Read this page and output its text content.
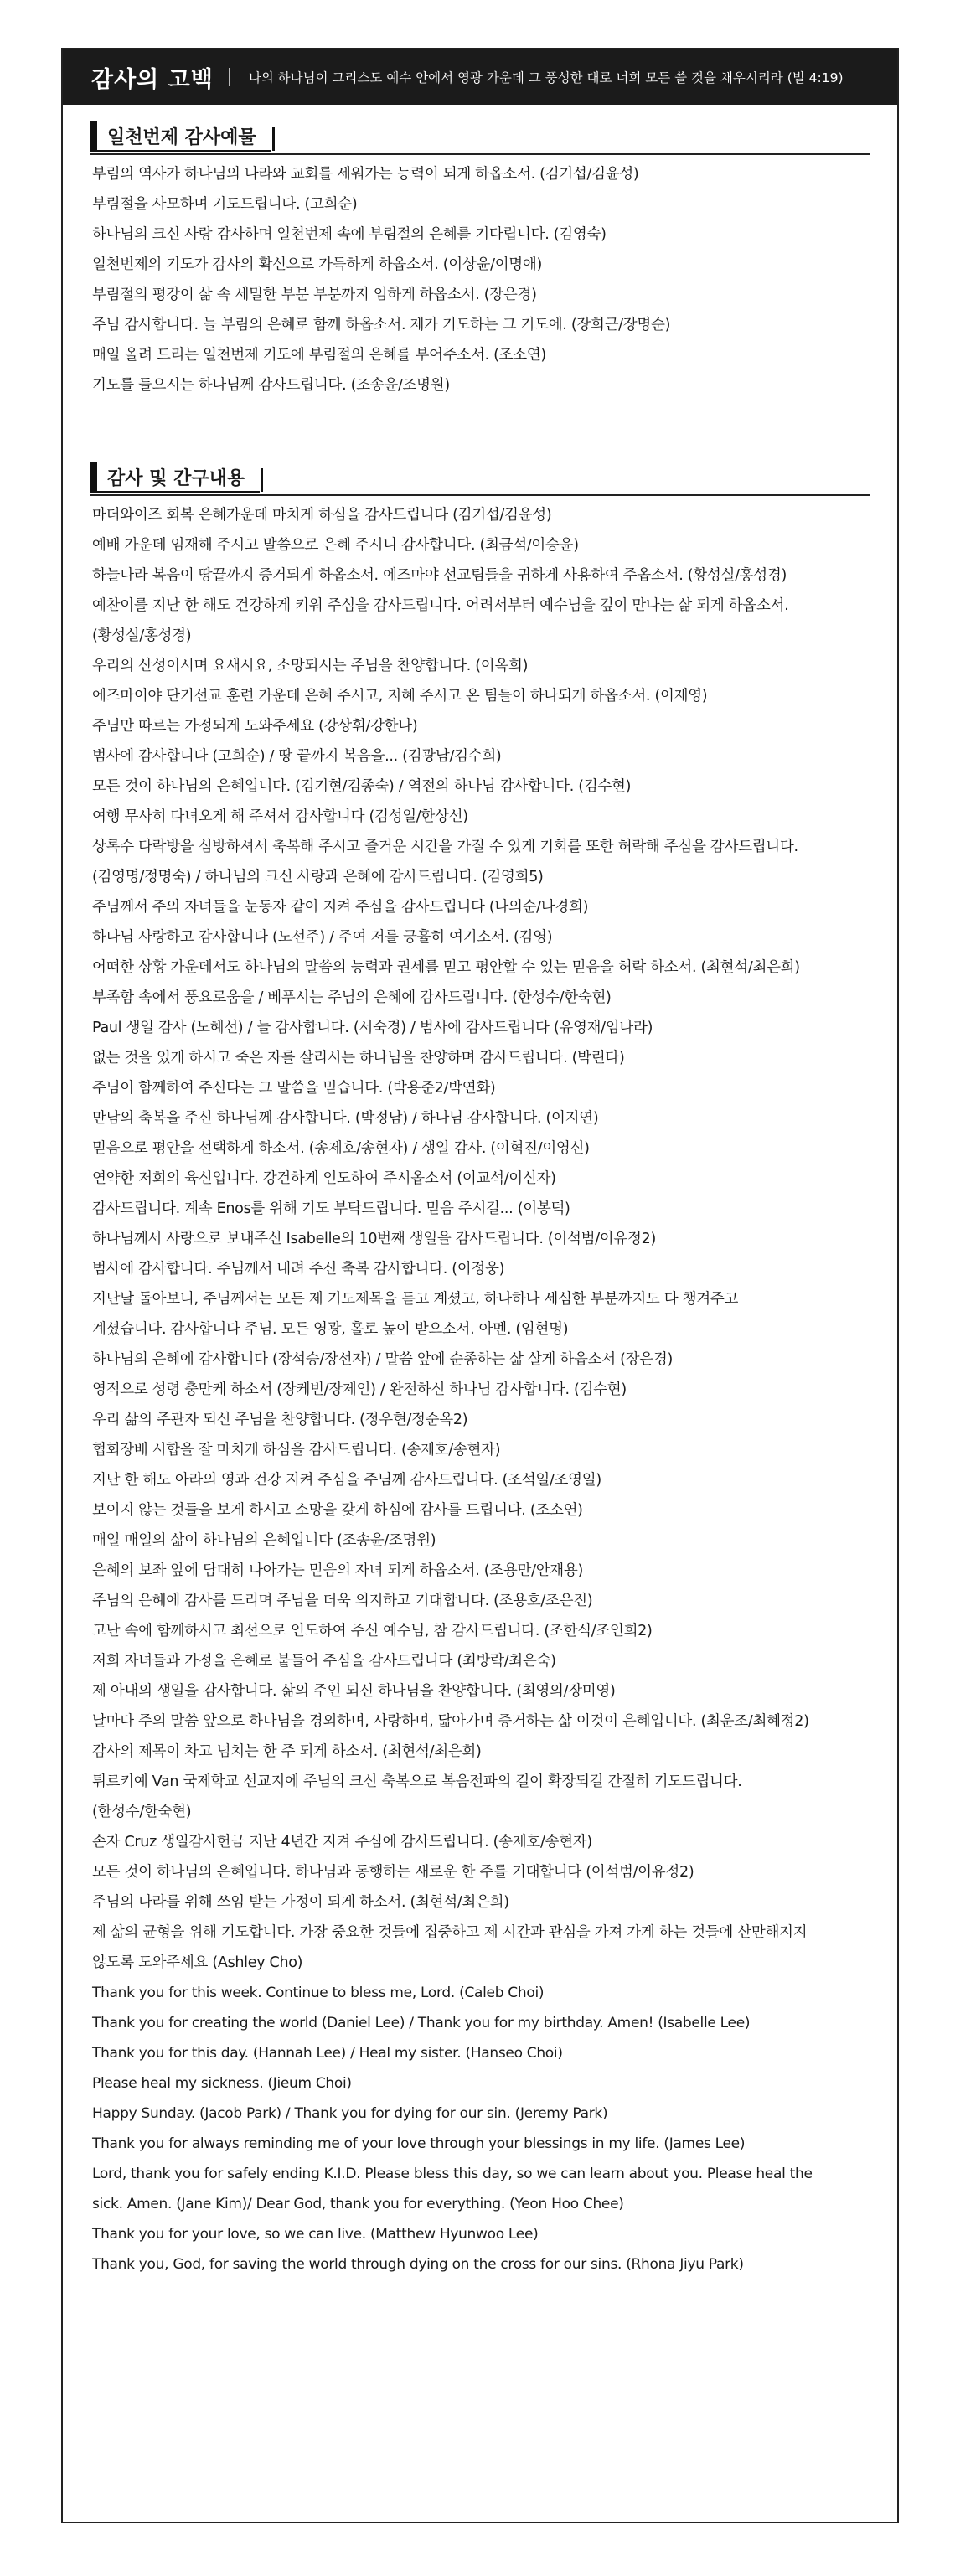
감사의 고백	나의 하나님이 그리스도 예수 안에서 영광 가운데 그 풍성한 대로 너희 모든 쓸 것을 채우시리라 (빌 4:19)
일천번제 감사예물
부림의 역사가 하나님의 나라와 교회를 세워가는 능력이 되게 하옵소서. (김기섭/김윤성)
부림절을 사모하며 기도드립니다. (고희순)
하나님의 크신 사랑 감사하며 일천번제 속에 부림절의 은혜를 기다립니다. (김영숙)
일천번제의 기도가 감사의 확신으로 가득하게 하옵소서. (이상윤/이명애)
부림절의 평강이 삶 속 세밀한 부분 부분까지 임하게 하옵소서. (장은경)
주님 감사합니다. 늘 부림의 은혜로 함께 하옵소서. 제가 기도하는 그 기도에. (장희근/장명순)
매일 올려 드리는 일천번제 기도에 부림절의 은혜를 부어주소서. (조소연)
기도를 들으시는 하나님께 감사드립니다. (조송윤/조명원)
감사 및 간구내용
마더와이즈 회복 은혜가운데 마치게 하심을 감사드립니다 (김기섭/김윤성)
예배 가운데 임재해 주시고 말씀으로 은혜 주시니 감사합니다. (최금석/이승윤)
하늘나라 복음이 땅끝까지 증거되게 하옵소서. 에즈마야 선교팀들을 귀하게 사용하여 주옵소서. (황성실/홍성경)
예찬이를 지난 한 해도 건강하게 키워 주심을 감사드립니다. 어려서부터 예수님을 깊이 만나는 삶 되게 하옵소서.
(황성실/홍성경)
우리의 산성이시며 요새시요, 소망되시는 주님을 찬양합니다. (이옥희)
에즈마이야 단기선교 훈련 가운데 은혜 주시고, 지혜 주시고 온 팀들이 하나되게 하옵소서. (이재영)
주님만 따르는 가정되게 도와주세요 (강상휘/강한나)
범사에 감사합니다 (고희순) / 땅 끝까지 복음을... (김광남/김수희)
모든 것이 하나님의 은혜입니다. (김기현/김종숙) / 역전의 하나님 감사합니다. (김수현)
여행 무사히 다녀오게 해 주셔서 감사합니다 (김성일/한상선)
상록수 다락방을 심방하셔서 축복해 주시고 즐거운 시간을 가질 수 있게 기회를 또한 허락해 주심을 감사드립니다.
(김영명/정명숙) / 하나님의 크신 사랑과 은혜에 감사드립니다. (김영희5)
주님께서 주의 자녀들을 눈동자 같이 지켜 주심을 감사드립니다 (나의순/나경희)
하나님 사랑하고 감사합니다 (노선주) / 주여 저를 긍휼히 여기소서. (김영)
어떠한 상황 가운데서도 하나님의 말씀의 능력과 권세를 믿고 평안할 수 있는 믿음을 허락 하소서. (최현석/최은희)
부족함 속에서 풍요로움을 / 베푸시는 주님의 은혜에 감사드립니다. (한성수/한숙현)
Paul 생일 감사 (노혜선) / 늘 감사합니다. (서숙경) / 범사에 감사드립니다 (유영재/임나라)
없는 것을 있게 하시고 죽은 자를 살리시는 하나님을 찬양하며 감사드립니다. (박린다)
주님이 함께하여 주신다는 그 말씀을 믿습니다. (박용준2/박연화)
만남의 축복을 주신 하나님께 감사합니다. (박정남) / 하나님 감사합니다. (이지연)
믿음으로 평안을 선택하게 하소서. (송제호/송현자) / 생일 감사. (이혁진/이영신)
연약한 저희의 육신입니다. 강건하게 인도하여 주시옵소서 (이교석/이신자)
감사드립니다. 계속 Enos를 위해 기도 부탁드립니다. 믿음 주시길... (이봉덕)
하나님께서 사랑으로 보내주신 Isabelle의 10번째 생일을 감사드립니다. (이석범/이유정2)
범사에 감사합니다. 주님께서 내려 주신 축복 감사합니다. (이정웅)
지난날 돌아보니, 주님께서는 모든 제 기도제목을 듣고 계셨고, 하나하나 세심한 부분까지도 다 챙겨주고
계셨습니다. 감사합니다 주님. 모든 영광, 홀로 높이 받으소서. 아멘. (임현명)
하나님의 은혜에 감사합니다 (장석승/장선자) / 말씀 앞에 순종하는 삶 살게 하옵소서 (장은경)
영적으로 성령 충만케 하소서 (장케빈/장제인) / 완전하신 하나님 감사합니다. (김수현)
우리 삶의 주관자 되신 주님을 찬양합니다. (정우현/정순옥2)
협회장배 시합을 잘 마치게 하심을 감사드립니다. (송제호/송현자)
지난 한 해도 아라의 영과 건강 지켜 주심을 주님께 감사드립니다. (조석일/조영일)
보이지 않는 것들을 보게 하시고 소망을 갖게 하심에 감사를 드립니다. (조소연)
매일 매일의 삶이 하나님의 은혜입니다 (조송윤/조명원)
은혜의 보좌 앞에 담대히 나아가는 믿음의 자녀 되게 하옵소서. (조용만/안재용)
주님의 은혜에 감사를 드리며 주님을 더욱 의지하고 기대합니다. (조용호/조은진)
고난 속에 함께하시고 최선으로 인도하여 주신 예수님, 참 감사드립니다. (조한식/조인희2)
저희 자녀들과 가정을 은혜로 붙들어 주심을 감사드립니다 (최방락/최은숙)
제 아내의 생일을 감사합니다. 삶의 주인 되신 하나님을 찬양합니다. (최영의/장미영)
날마다 주의 말씀 앞으로 하나님을 경외하며, 사랑하며, 닮아가며 증거하는 삶 이것이 은혜입니다. (최운조/최혜정2)
감사의 제목이 차고 넘치는 한 주 되게 하소서. (최현석/최은희)
튀르키예 Van 국제학교 선교지에 주님의 크신 축복으로 복음전파의 길이 확장되길 간절히 기도드립니다.
(한성수/한숙현)
손자 Cruz 생일감사헌금 지난 4년간 지켜 주심에 감사드립니다. (송제호/송현자)
모든 것이 하나님의 은혜입니다. 하나님과 동행하는 새로운 한 주를 기대합니다 (이석범/이유정2)
주님의 나라를 위해 쓰임 받는 가정이 되게 하소서. (최현석/최은희)
제 삶의 균형을 위해 기도합니다. 가장 중요한 것들에 집중하고 제 시간과 관심을 가져 가게 하는 것들에 산만해지지
않도록 도와주세요 (Ashley Cho)
Thank you for this week. Continue to bless me, Lord. (Caleb Choi)
Thank you for creating the world (Daniel Lee) / Thank you for my birthday. Amen! (Isabelle Lee)
Thank you for this day. (Hannah Lee) / Heal my sister. (Hanseo Choi)
Please heal my sickness. (Jieum Choi)
Happy Sunday. (Jacob Park) / Thank you for dying for our sin. (Jeremy Park)
Thank you for always reminding me of your love through your blessings in my life. (James Lee)
Lord, thank you for safely ending K.I.D. Please bless this day, so we can learn about you. Please heal the
sick. Amen. (Jane Kim)/ Dear God, thank you for everything. (Yeon Hoo Chee)
Thank you for your love, so we can live. (Matthew Hyunwoo Lee)
Thank you, God, for saving the world through dying on the cross for our sins. (Rhona Jiyu Park)
